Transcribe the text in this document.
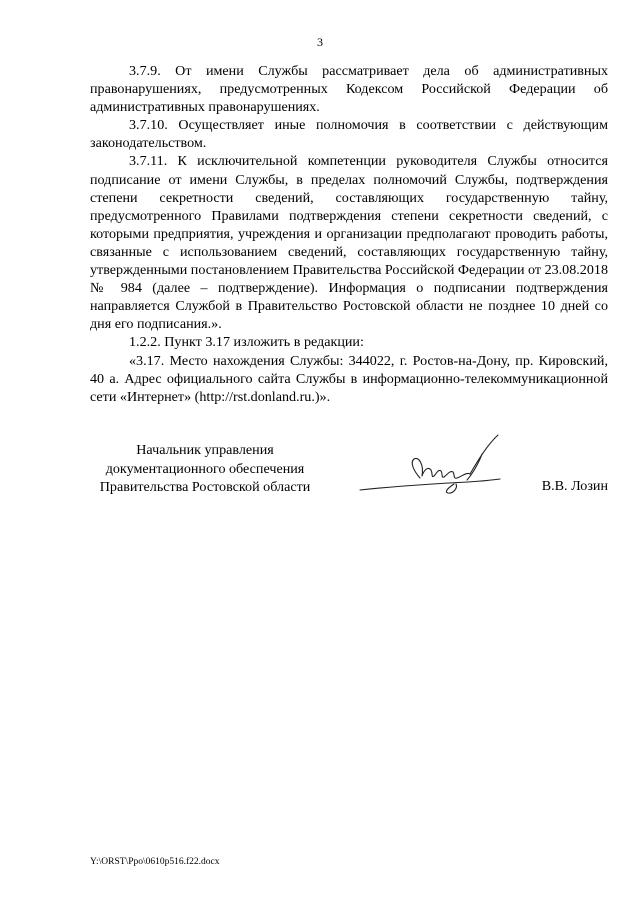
3

3.7.9. От имени Службы рассматривает дела об административных правонарушениях, предусмотренных Кодексом Российской Федерации об административных правонарушениях.

3.7.10. Осуществляет иные полномочия в соответствии с действующим законодательством.

3.7.11. К исключительной компетенции руководителя Службы относится подписание от имени Службы, в пределах полномочий Службы, подтверждения степени секретности сведений, составляющих государственную тайну, предусмотренного Правилами подтверждения степени секретности сведений, с которыми предприятия, учреждения и организации предполагают проводить работы, связанные с использованием сведений, составляющих государственную тайну, утвержденными постановлением Правительства Российской Федерации от 23.08.2018 № 984 (далее – подтверждение). Информация о подписании подтверждения направляется Службой в Правительство Ростовской области не позднее 10 дней со дня его подписания.».

1.2.2. Пункт 3.17 изложить в редакции:

«3.17. Место нахождения Службы: 344022, г. Ростов-на-Дону, пр. Кировский, 40 а. Адрес официального сайта Службы в информационно-телекоммуникационной сети «Интернет» (http://rst.donland.ru.)».

Начальник управления
документационного обеспечения
Правительства Ростовской области	В.В. Лозин
Y:\ORST\Ppo\0610p516.f22.docx
